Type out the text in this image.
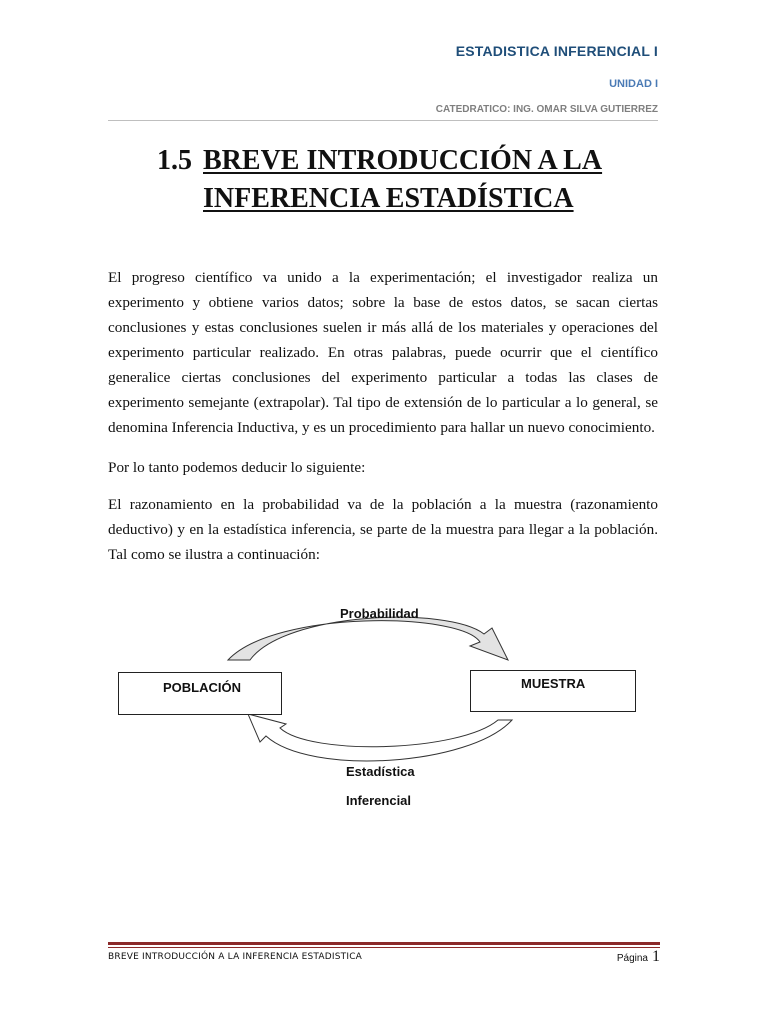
ESTADISTICA INFERENCIAL I
UNIDAD I
CATEDRATICO: ING. OMAR SILVA GUTIERREZ
1.5 BREVE INTRODUCCIÓN A LA
INFERENCIA ESTADÍSTICA
El progreso científico va unido a la experimentación; el investigador realiza un experimento y obtiene varios datos; sobre la base de estos datos, se sacan ciertas conclusiones y estas conclusiones suelen ir más allá de los materiales y operaciones del experimento particular realizado. En otras palabras, puede ocurrir que el científico generalice ciertas conclusiones del experimento particular a todas las clases de experimento semejante (extrapolar). Tal tipo de extensión de lo particular a lo general, se denomina Inferencia Inductiva, y es un procedimiento para hallar un nuevo conocimiento.
Por lo tanto podemos deducir lo siguiente:
El razonamiento en la probabilidad va de la población a la muestra (razonamiento deductivo) y en la estadística inferencia, se parte de la muestra para llegar a la población. Tal como se ilustra a continuación:
Probabilidad
POBLACIÓN	MUESTRA
Estadística
Inferencial
BREVE INTRODUCCIÓN A LA INFERENCIA ESTADISTICA	Página 1
